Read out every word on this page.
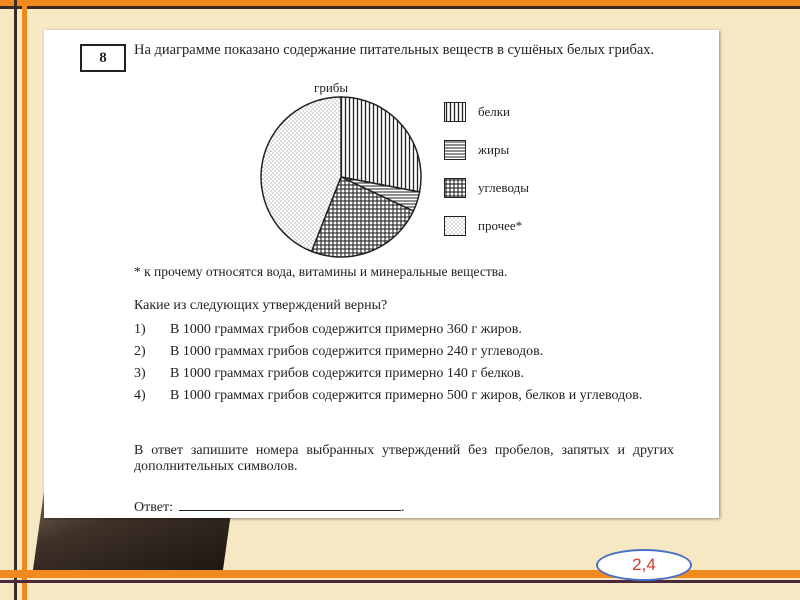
8	На диаграмме показано содержание питательных веществ в сушёных белых грибах.
грибы
белки
жиры
углеводы
прочее*
* к прочему относятся вода, витамины и минеральные вещества.
Какие из следующих утверждений верны?
1)	В 1000 граммах грибов содержится примерно 360 г жиров.
2)	В 1000 граммах грибов содержится примерно 240 г углеводов.
3)	В 1000 граммах грибов содержится примерно 140 г белков.
4)	В 1000 граммах грибов содержится примерно 500 г жиров, белков и углеводов.
В ответ запишите номера выбранных утверждений без пробелов, запятых и других дополнительных символов.
Ответ:	.
2,4
